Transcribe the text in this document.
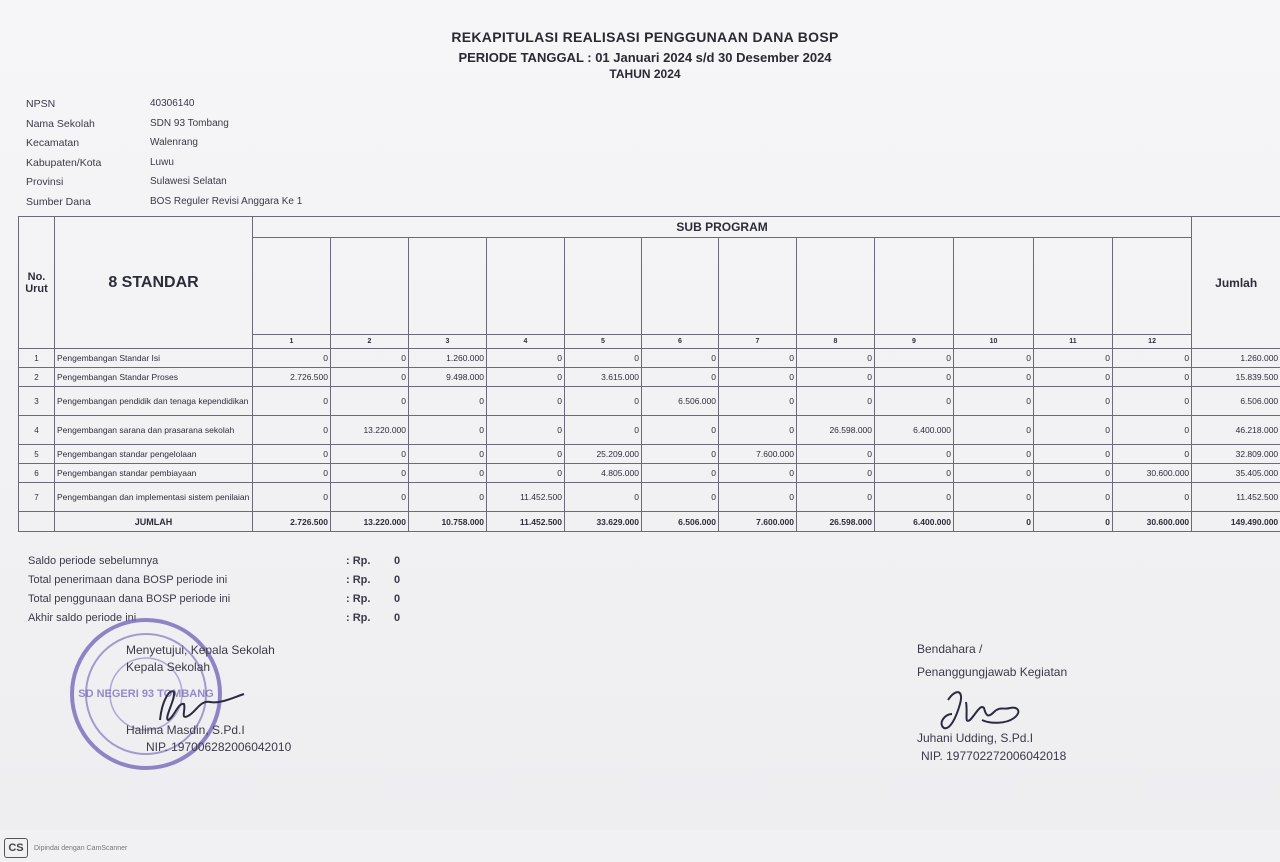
REKAPITULASI REALISASI PENGGUNAAN DANA BOSP
PERIODE TANGGAL : 01 Januari 2024 s/d 30 Desember 2024
TAHUN 2024
NPSN	40306140
Nama Sekolah	SDN 93 Tombang
Kecamatan	Walenrang
Kabupaten/Kota	Luwu
Provinsi	Sulawesi Selatan
Sumber Dana	BOS Reguler Revisi Anggara Ke 1
No. Urut	8 STANDAR	SUB PROGRAM												Jumlah

		1	2	3	4	5	6	7	8	9	10	11	12	
1	Pengembangan Standar Isi	0	0	1.260.000	0	0	0	0	0	0	0	0	0	1.260.000
2	Pengembangan Standar Proses	2.726.500	0	9.498.000	0	3.615.000	0	0	0	0	0	0	0	15.839.500
3	Pengembangan pendidik dan tenaga kependidikan	0	0	0	0	0	6.506.000	0	0	0	0	0	0	6.506.000
4	Pengembangan sarana dan prasarana sekolah	0	13.220.000	0	0	0	0	0	26.598.000	6.400.000	0	0	0	46.218.000
5	Pengembangan standar pengelolaan	0	0	0	0	25.209.000	0	7.600.000	0	0	0	0	0	32.809.000
6	Pengembangan standar pembiayaan	0	0	0	0	4.805.000	0	0	0	0	0	0	30.600.000	35.405.000
7	Pengembangan dan implementasi sistem penilaian	0	0	0	11.452.500	0	0	0	0	0	0	0	0	11.452.500
	JUMLAH	2.726.500	13.220.000	10.758.000	11.452.500	33.629.000	6.506.000	7.600.000	26.598.000	6.400.000	0	0	30.600.000	149.490.000
Saldo periode sebelumnya	: Rp.	0
Total penerimaan dana BOSP periode ini	: Rp.	0
Total penggunaan dana BOSP periode ini	: Rp.	0
Akhir saldo periode ini	: Rp.	0
SD NEGERI 93 TOMBANG
Menyetujui, Kepala Sekolah
Kepala Sekolah
Halima Masdin, S.Pd.I
NIP. 197006282006042010
Bendahara /
Penanggungjawab Kegiatan
Juhani Udding, S.Pd.I
NIP. 197702272006042018
CS	Dipindai dengan CamScanner
